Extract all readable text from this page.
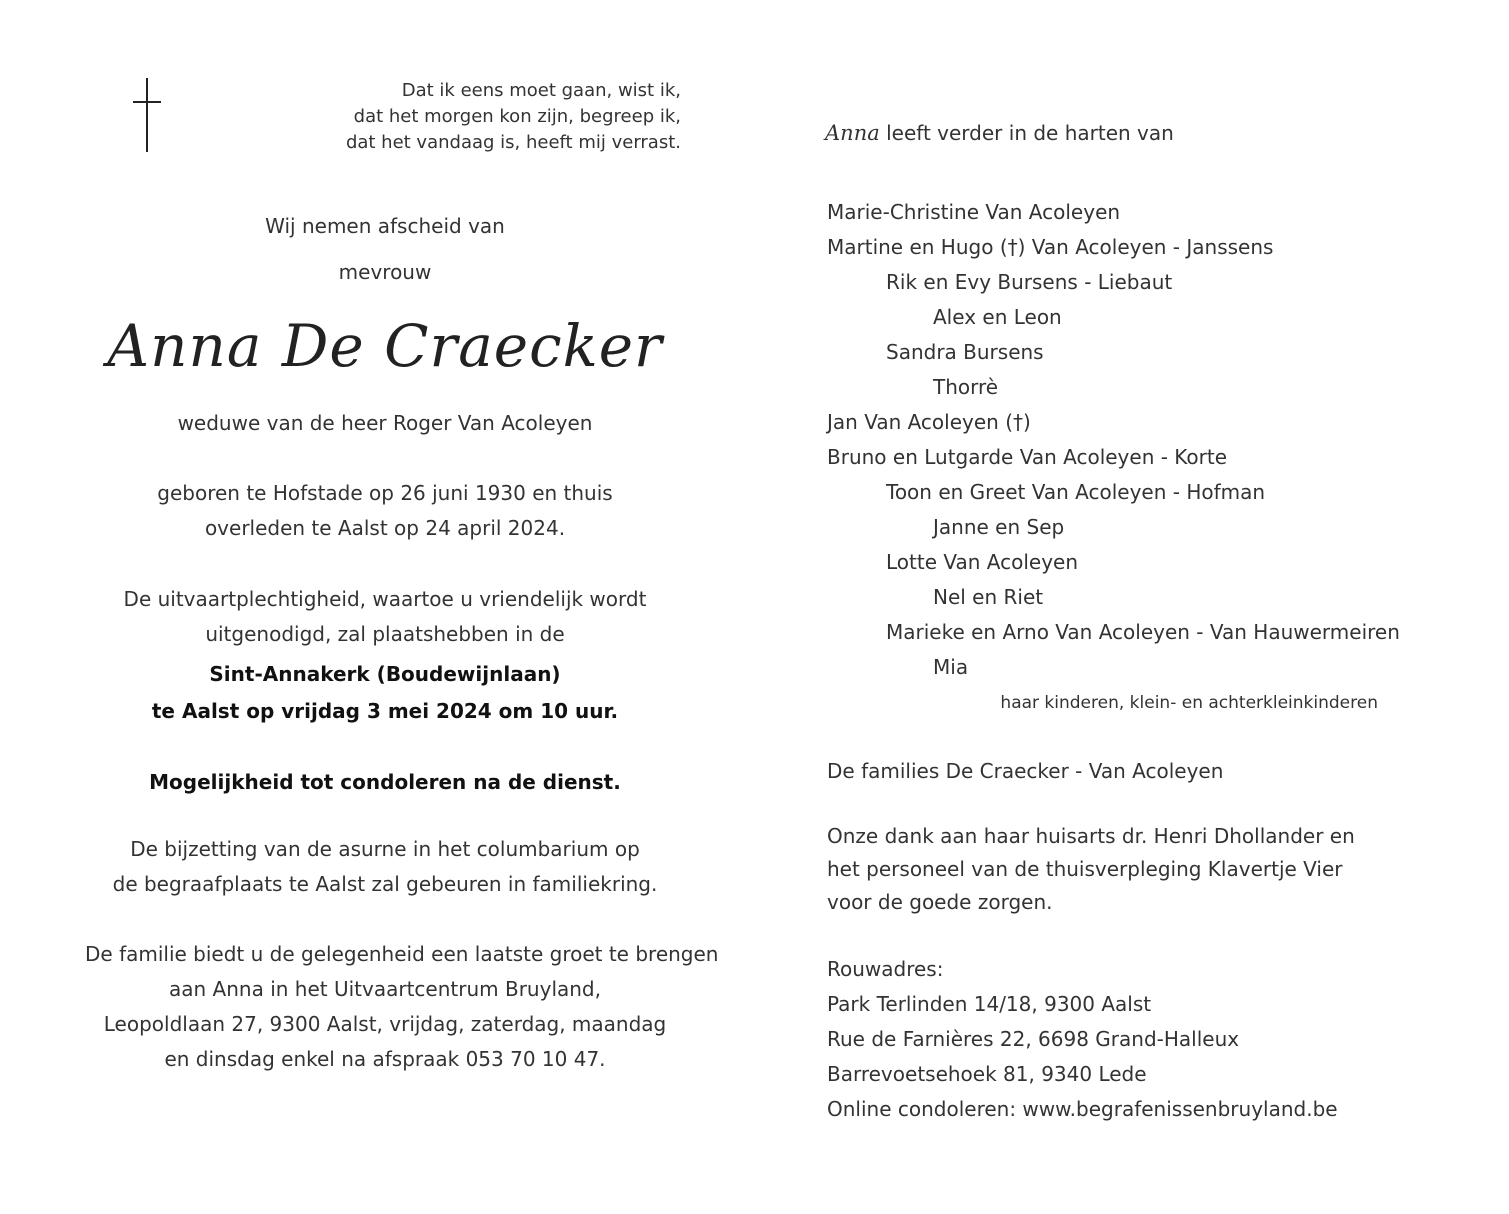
Dat ik eens moet gaan, wist ik,
dat het morgen kon zijn, begreep ik,
dat het vandaag is, heeft mij verrast.
Wij nemen afscheid van
mevrouw
Anna De Craecker
weduwe van de heer Roger Van Acoleyen
geboren te Hofstade op 26 juni 1930 en thuis
overleden te Aalst op 24 april 2024.
De uitvaartplechtigheid, waartoe u vriendelijk wordt
uitgenodigd, zal plaatshebben in de
Sint-Annakerk (Boudewijnlaan)
te Aalst op vrijdag 3 mei 2024 om 10 uur.
Mogelijkheid tot condoleren na de dienst.
De bijzetting van de asurne in het columbarium op
de begraafplaats te Aalst zal gebeuren in familiekring.
De familie biedt u de gelegenheid een laatste groet te brengen
aan Anna in het Uitvaartcentrum Bruyland,
Leopoldlaan 27, 9300 Aalst, vrijdag, zaterdag, maandag
en dinsdag enkel na afspraak 053 70 10 47.
Anna leeft verder in de harten van
Marie-Christine Van Acoleyen
Martine en Hugo (†) Van Acoleyen - Janssens
Rik en Evy Bursens - Liebaut
Alex en Leon
Sandra Bursens
Thorrè
Jan Van Acoleyen (†)
Bruno en Lutgarde Van Acoleyen - Korte
Toon en Greet Van Acoleyen - Hofman
Janne en Sep
Lotte Van Acoleyen
Nel en Riet
Marieke en Arno Van Acoleyen - Van Hauwermeiren
Mia
haar kinderen, klein- en achterkleinkinderen
De families De Craecker - Van Acoleyen
Onze dank aan haar huisarts dr. Henri Dhollander en
het personeel van de thuisverpleging Klavertje Vier
voor de goede zorgen.
Rouwadres:
Park Terlinden 14/18, 9300 Aalst
Rue de Farnières 22, 6698 Grand-Halleux
Barrevoetsehoek 81, 9340 Lede
Online condoleren: www.begrafenissenbruyland.be
